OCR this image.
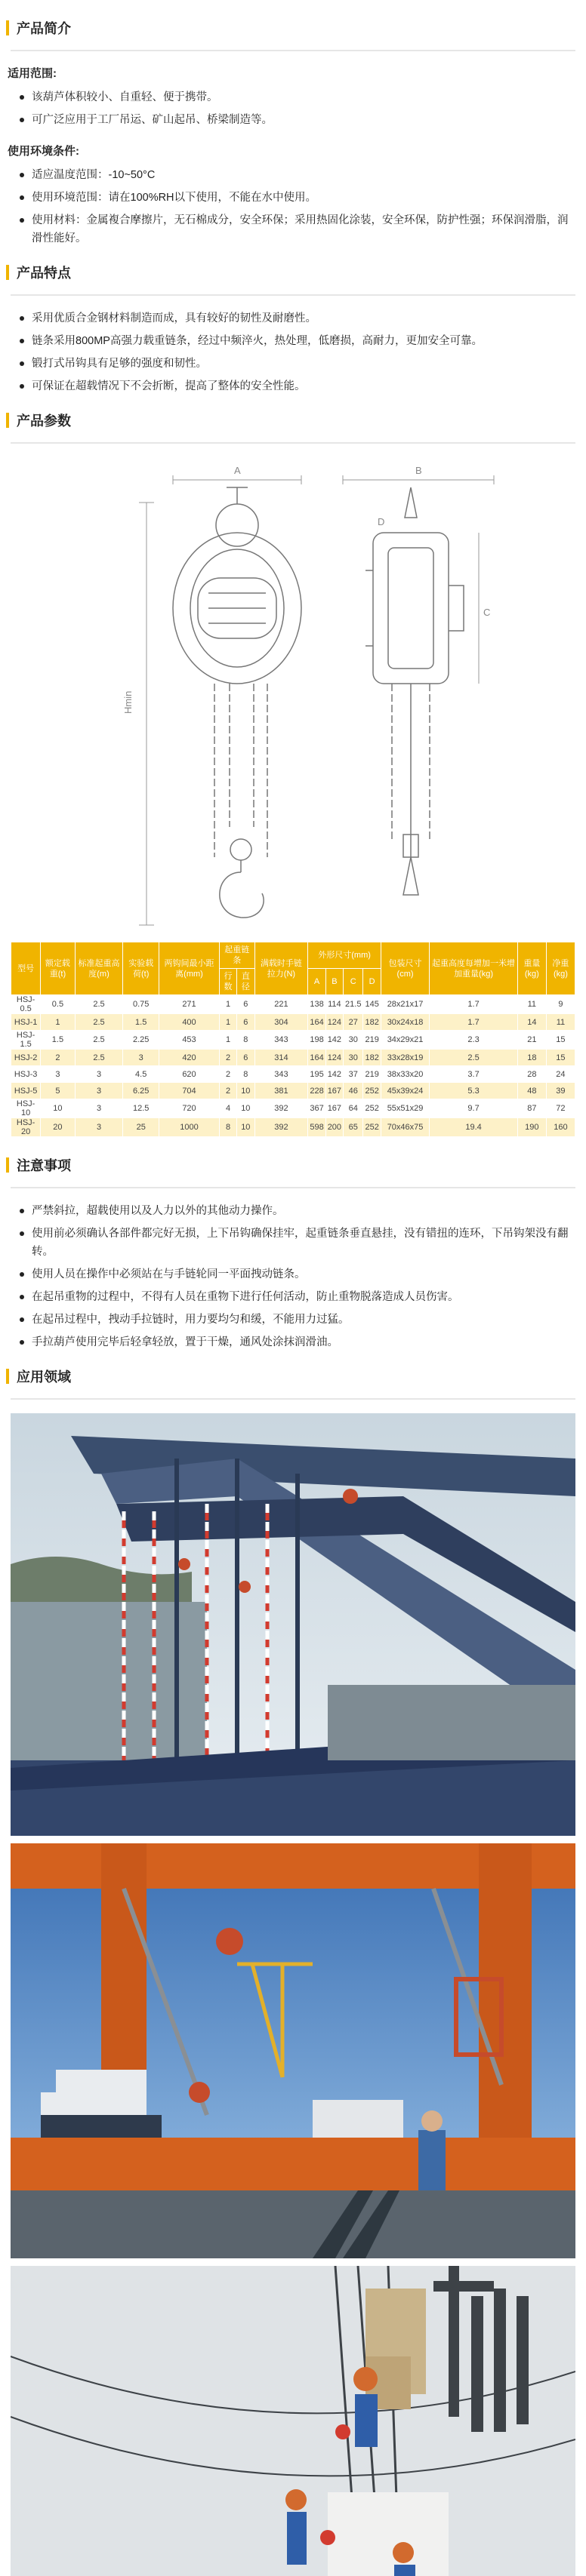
产品简介
适用范围:
该葫芦体积较小、自重轻、便于携带。
可广泛应用于工厂吊运、矿山起吊、桥梁制造等。
使用环境条件:
适应温度范围：-10~50°C
使用环境范围：请在100%RH以下使用，不能在水中使用。
使用材料：金属複合摩擦片，无石棉成分，安全环保；采用热固化涂装，安全环保，防护性强；环保润滑脂，润滑性能好。
产品特点
采用优质合金钢材料制造而成，具有较好的韧性及耐磨性。
链条采用800MP高强力载重链条，经过中频淬火，热处理，低磨损，高耐力，更加安全可靠。
锻打式吊钩具有足够的强度和韧性。
可保证在超载情况下不会折断，提高了整体的安全性能。
产品参数
Hmin
A	B
C
D
型号	额定载重(t)	标准起重高度(m)	实验载荷(t)	两钩间最小距离(mm)	起重链条		满载时手链拉力(N)	外形尺寸(mm)				包装尺寸(cm)	起重高度每增加一米增加重量(kg)	重量(kg)	净重(kg)
					行数	直径		A	B	C	D				
HSJ-0.5	0.5	2.5	0.75	271	1	6	221	138	114	21.5	145	28x21x17	1.7	11	9
HSJ-1	1	2.5	1.5	400	1	6	304	164	124	27	182	30x24x18	1.7	14	11
HSJ-1.5	1.5	2.5	2.25	453	1	8	343	198	142	30	219	34x29x21	2.3	21	15
HSJ-2	2	2.5	3	420	2	6	314	164	124	30	182	33x28x19	2.5	18	15
HSJ-3	3	3	4.5	620	2	8	343	195	142	37	219	38x33x20	3.7	28	24
HSJ-5	5	3	6.25	704	2	10	381	228	167	46	252	45x39x24	5.3	48	39
HSJ-10	10	3	12.5	720	4	10	392	367	167	64	252	55x51x29	9.7	87	72
HSJ-20	20	3	25	1000	8	10	392	598	200	65	252	70x46x75	19.4	190	160
注意事项
严禁斜拉，超载使用以及人力以外的其他动力操作。
使用前必须确认各部件都完好无损，上下吊钩确保挂牢，起重链条垂直悬挂，没有错扭的连环，下吊钩架没有翻转。
使用人员在操作中必须站在与手链轮同一平面拽动链条。
在起吊重物的过程中，不得有人员在重物下进行任何活动，防止重物脱落造成人员伤害。
在起吊过程中，拽动手拉链时，用力要均匀和缓，不能用力过猛。
手拉葫芦使用完毕后轻拿轻放，置于干燥，通风处涂抹润滑油。
应用领域
